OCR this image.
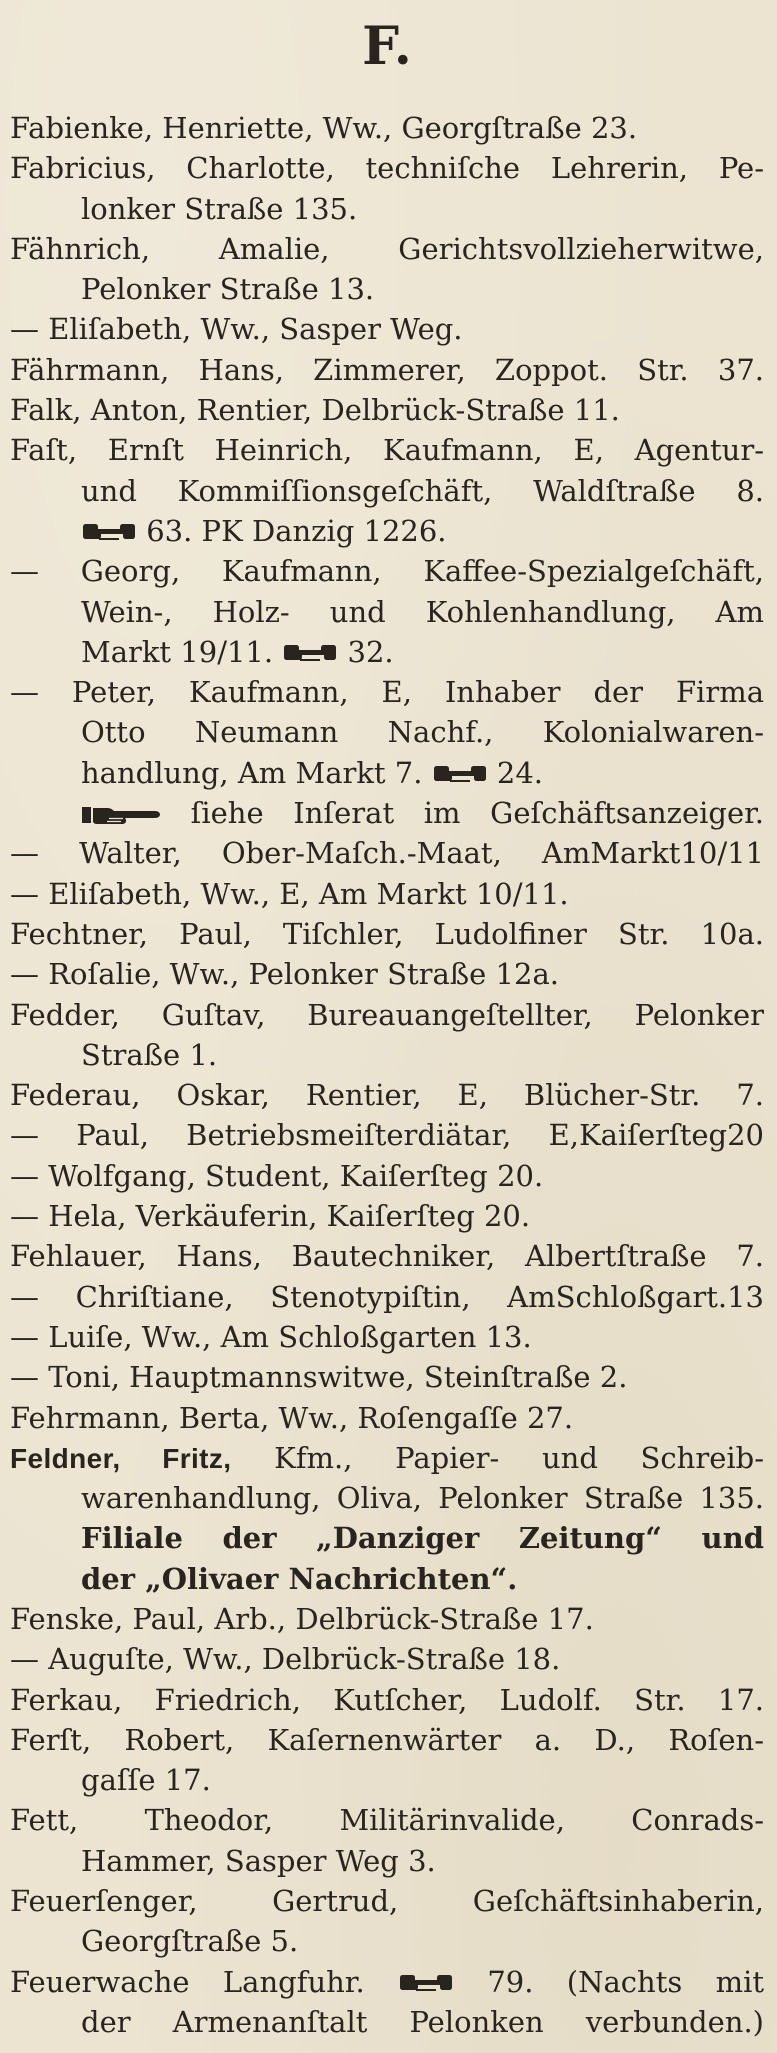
F.
Fabienke, Henriette, Ww., Georgſtraße 23.
Fabricius, Charlotte, techniſche Lehrerin, Pe-
lonker Straße 135.
Fähnrich, Amalie, Gerichtsvollzieherwitwe,
Pelonker Straße 13.
— Eliſabeth, Ww., Sasper Weg.
Fährmann, Hans, Zimmerer, Zoppot. Str. 37.
Falk, Anton, Rentier, Delbrück-Straße 11.
Faſt, Ernſt Heinrich, Kaufmann, E, Agentur-
und Kommiſſionsgeſchäft, Waldſtraße 8.
63. PK Danzig 1226.
— Georg, Kaufmann, Kaffee-Spezialgeſchäft,
Wein-, Holz- und Kohlenhandlung, Am
Markt 19/11.	32.
— Peter, Kaufmann, E, Inhaber der Firma
Otto Neumann Nachf., Kolonialwaren-
handlung, Am Markt 7.	24.
ſiehe Inſerat im Geſchäftsanzeiger.
— Walter, Ober-Maſch.-Maat, AmMarkt10/11
— Eliſabeth, Ww., E, Am Markt 10/11.
Fechtner, Paul, Tiſchler, Ludolfiner Str. 10a.
— Roſalie, Ww., Pelonker Straße 12a.
Fedder, Guſtav, Bureauangeſtellter, Pelonker
Straße 1.
Federau, Oskar, Rentier, E, Blücher-Str. 7.
— Paul, Betriebsmeiſterdiätar, E,Kaiſerſteg20
— Wolfgang, Student, Kaiſerſteg 20.
— Hela, Verkäuferin, Kaiſerſteg 20.
Fehlauer, Hans, Bautechniker, Albertſtraße 7.
— Chriſtiane, Stenotypiſtin, AmSchloßgart.13
— Luiſe, Ww., Am Schloßgarten 13.
— Toni, Hauptmannswitwe, Steinſtraße 2.
Fehrmann, Berta, Ww., Roſengaſſe 27.
Feldner, Fritz, Kfm., Papier- und Schreib-
warenhandlung, Oliva, Pelonker Straße 135.
Filiale der „Danziger Zeitung“ und
der „Olivaer Nachrichten“.
Fenske, Paul, Arb., Delbrück-Straße 17.
— Auguſte, Ww., Delbrück-Straße 18.
Ferkau, Friedrich, Kutſcher, Ludolf. Str. 17.
Ferſt, Robert, Kaſernenwärter a. D., Roſen-
gaſſe 17.
Fett, Theodor, Militärinvalide, Conrads-
Hammer, Sasper Weg 3.
Feuerſenger, Gertrud, Geſchäftsinhaberin,
Georgſtraße 5.
Feuerwache Langfuhr.	79. (Nachts mit
der Armenanſtalt Pelonken verbunden.)
